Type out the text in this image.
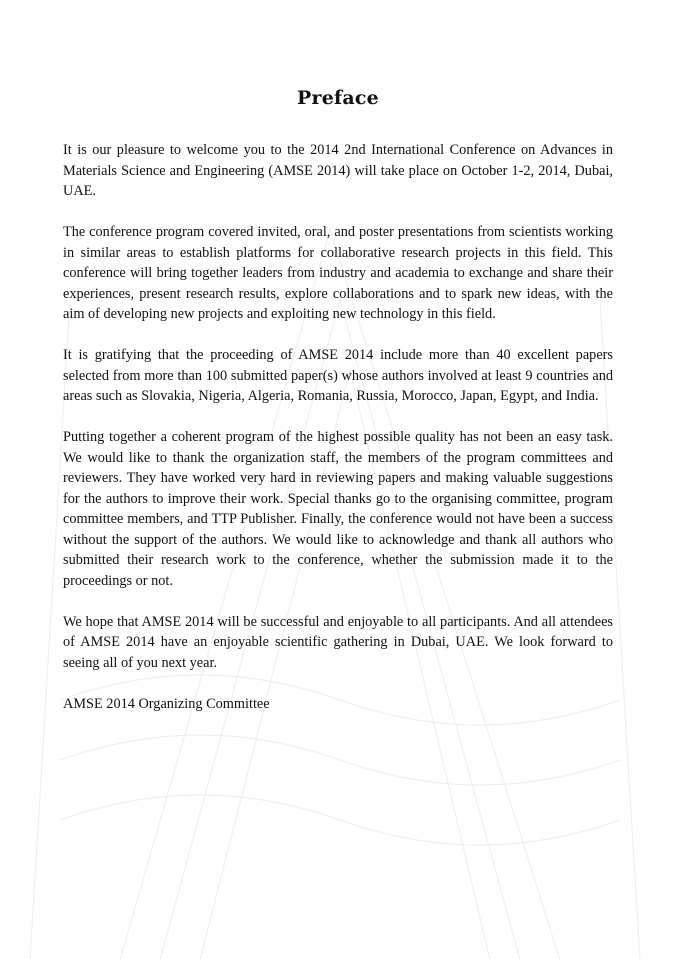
Preface

It is our pleasure to welcome you to the 2014 2nd International Conference on Advances in Materials Science and Engineering (AMSE 2014) will take place on October 1-2, 2014, Dubai, UAE.

The conference program covered invited, oral, and poster presentations from scientists working in similar areas to establish platforms for collaborative research projects in this field. This conference will bring together leaders from industry and academia to exchange and share their experiences, present research results, explore collaborations and to spark new ideas, with the aim of developing new projects and exploiting new technology in this field.

It is gratifying that the proceeding of AMSE 2014 include more than 40 excellent papers selected from more than 100 submitted paper(s) whose authors involved at least 9 countries and areas such as Slovakia, Nigeria, Algeria, Romania, Russia, Morocco, Japan, Egypt, and India.

Putting together a coherent program of the highest possible quality has not been an easy task. We would like to thank the organization staff, the members of the program committees and reviewers. They have worked very hard in reviewing papers and making valuable suggestions for the authors to improve their work. Special thanks go to the organising committee, program committee members, and TTP Publisher. Finally, the conference would not have been a success without the support of the authors. We would like to acknowledge and thank all authors who submitted their research work to the conference, whether the submission made it to the proceedings or not.

We hope that AMSE 2014 will be successful and enjoyable to all participants. And all attendees of AMSE 2014 have an enjoyable scientific gathering in Dubai, UAE. We look forward to seeing all of you next year.

AMSE 2014 Organizing Committee
